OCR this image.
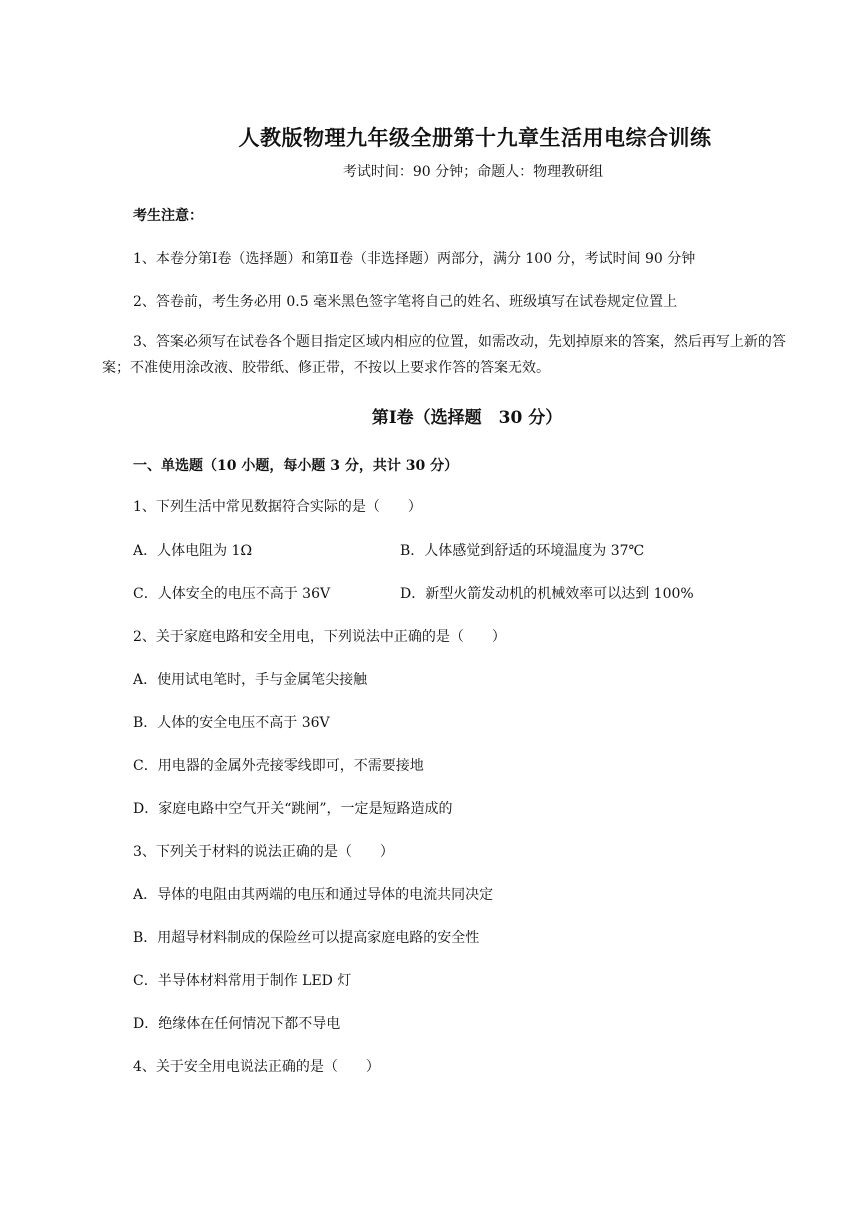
人教版物理九年级全册第十九章生活用电综合训练
考试时间：90 分钟；命题人：物理教研组
考生注意：
1、本卷分第Ⅰ卷（选择题）和第Ⅱ卷（非选择题）两部分，满分 100 分，考试时间 90 分钟
2、答卷前，考生务必用 0.5 毫米黑色签字笔将自己的姓名、班级填写在试卷规定位置上
3、答案必须写在试卷各个题目指定区域内相应的位置，如需改动，先划掉原来的答案，然后再写上新的答案；不准使用涂改液、胶带纸、修正带，不按以上要求作答的答案无效。
第Ⅰ卷（选择题　30 分）
一、单选题（10 小题，每小题 3 分，共计 30 分）
1、下列生活中常见数据符合实际的是（　　）
A．人体电阻为 1Ω	B．人体感觉到舒适的环境温度为 37℃
C．人体安全的电压不高于 36V	D．新型火箭发动机的机械效率可以达到 100%
2、关于家庭电路和安全用电，下列说法中正确的是（　　）
A．使用试电笔时，手与金属笔尖接触
B．人体的安全电压不高于 36V
C．用电器的金属外壳接零线即可，不需要接地
D．家庭电路中空气开关“跳闸”，一定是短路造成的
3、下列关于材料的说法正确的是（　　）
A．导体的电阻由其两端的电压和通过导体的电流共同决定
B．用超导材料制成的保险丝可以提高家庭电路的安全性
C．半导体材料常用于制作 LED 灯
D．绝缘体在任何情况下都不导电
4、关于安全用电说法正确的是（　　）
